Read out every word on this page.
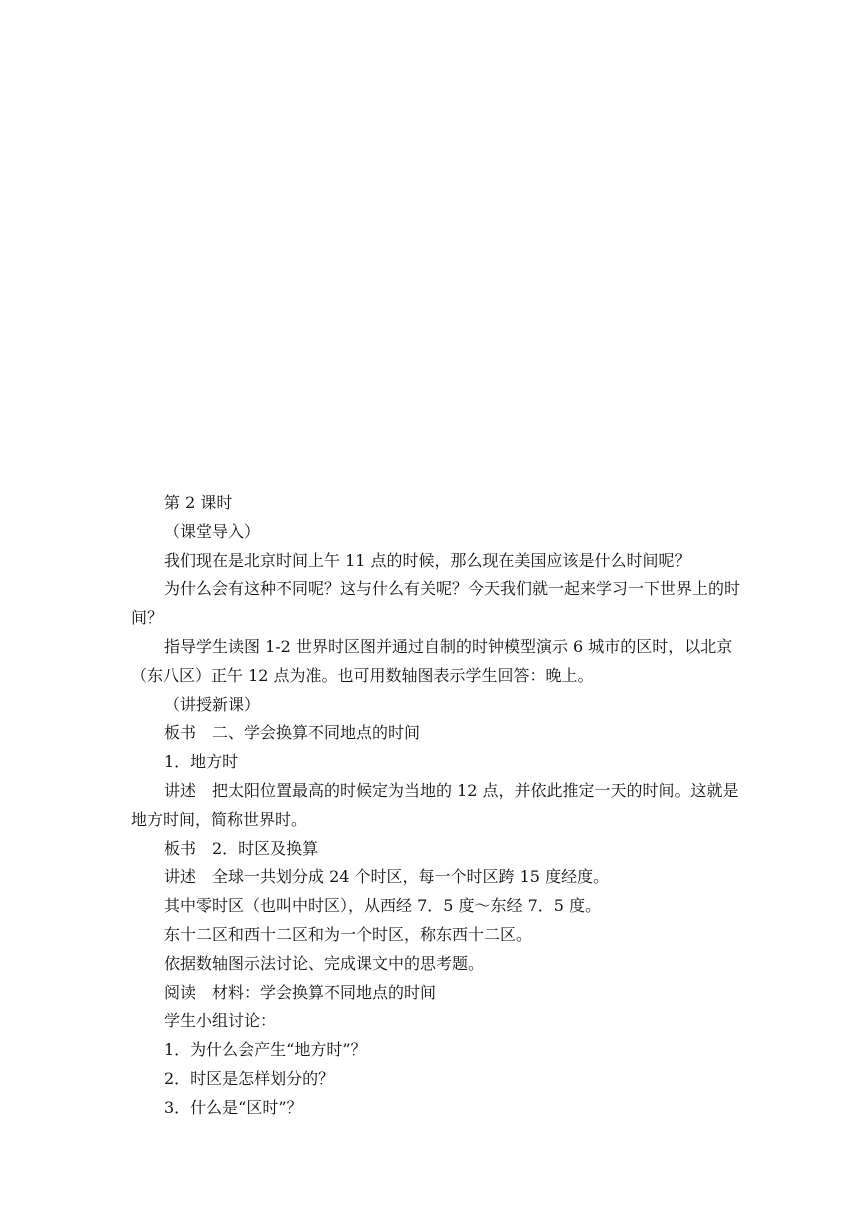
第 2 课时

（课堂导入）

我们现在是北京时间上午 11 点的时候，那么现在美国应该是什么时间呢？

为什么会有这种不同呢？这与什么有关呢？今天我们就一起来学习一下世界上的时间？

指导学生读图 1-2 世界时区图并通过自制的时钟模型演示 6 城市的区时，以北京（东八区）正午 12 点为准。也可用数轴图表示学生回答：晚上。

（讲授新课）

板书　二、学会换算不同地点的时间

1．地方时

讲述　把太阳位置最高的时候定为当地的 12 点，并依此推定一天的时间。这就是地方时间，简称世界时。

板书　2．时区及换算

讲述　全球一共划分成 24 个时区，每一个时区跨 15 度经度。

其中零时区（也叫中时区），从西经 7．5 度～东经 7．5 度。

东十二区和西十二区和为一个时区，称东西十二区。

依据数轴图示法讨论、完成课文中的思考题。

阅读　材料：学会换算不同地点的时间

学生小组讨论：

1．为什么会产生“地方时”？

2．时区是怎样划分的？

3．什么是“区时”？
